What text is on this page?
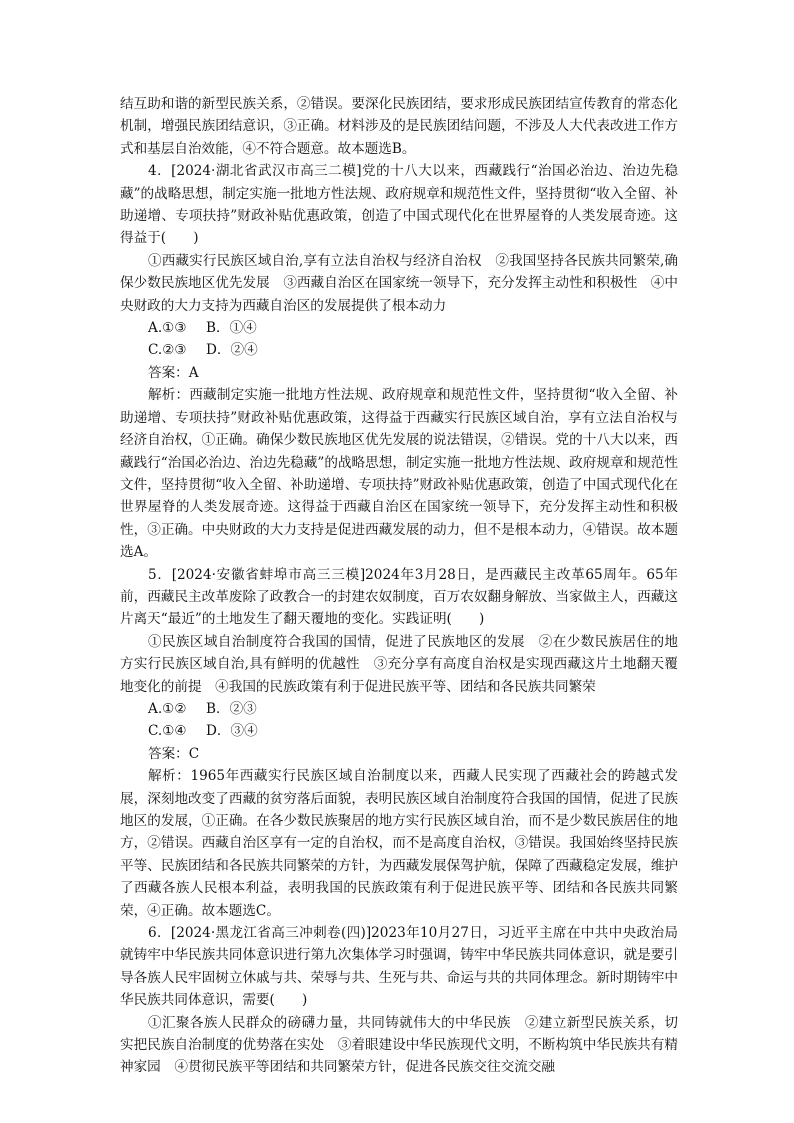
结互助和谐的新型民族关系，②错误。要深化民族团结，要求形成民族团结宣传教育的常态化机制，增强民族团结意识，③正确。材料涉及的是民族团结问题，不涉及人大代表改进工作方式和基层自治效能，④不符合题意。故本题选B。

4．[2024·湖北省武汉市高三二模]党的十八大以来，西藏践行“治国必治边、治边先稳藏”的战略思想，制定实施一批地方性法规、政府规章和规范性文件，坚持贯彻“收入全留、补助递增、专项扶持”财政补贴优惠政策，创造了中国式现代化在世界屋脊的人类发展奇迹。这得益于(　　)

①西藏实行民族区域自治,享有立法自治权与经济自治权　②我国坚持各民族共同繁荣,确保少数民族地区优先发展　③西藏自治区在国家统一领导下，充分发挥主动性和积极性　④中央财政的大力支持为西藏自治区的发展提供了根本动力

A.①③ B．①④
C.②③ D．②④

答案：A

解析：西藏制定实施一批地方性法规、政府规章和规范性文件，坚持贯彻“收入全留、补助递增、专项扶持”财政补贴优惠政策，这得益于西藏实行民族区域自治，享有立法自治权与经济自治权，①正确。确保少数民族地区优先发展的说法错误，②错误。党的十八大以来，西藏践行“治国必治边、治边先稳藏”的战略思想，制定实施一批地方性法规、政府规章和规范性文件，坚持贯彻“收入全留、补助递增、专项扶持”财政补贴优惠政策，创造了中国式现代化在世界屋脊的人类发展奇迹。这得益于西藏自治区在国家统一领导下，充分发挥主动性和积极性，③正确。中央财政的大力支持是促进西藏发展的动力，但不是根本动力，④错误。故本题选A。

5．[2024·安徽省蚌埠市高三三模]2024年3月28日，是西藏民主改革65周年。65年前，西藏民主改革废除了政教合一的封建农奴制度，百万农奴翻身解放、当家做主人，西藏这片离天“最近”的土地发生了翻天覆地的变化。实践证明(　　)

①民族区域自治制度符合我国的国情，促进了民族地区的发展　②在少数民族居住的地方实行民族区域自治,具有鲜明的优越性　③充分享有高度自治权是实现西藏这片土地翻天覆地变化的前提　④我国的民族政策有利于促进民族平等、团结和各民族共同繁荣

A.①② B．②③
C.①④ D．③④

答案：C

解析：1965年西藏实行民族区域自治制度以来，西藏人民实现了西藏社会的跨越式发展，深刻地改变了西藏的贫穷落后面貌，表明民族区域自治制度符合我国的国情，促进了民族地区的发展，①正确。在各少数民族聚居的地方实行民族区域自治，而不是少数民族居住的地方，②错误。西藏自治区享有一定的自治权，而不是高度自治权，③错误。我国始终坚持民族平等、民族团结和各民族共同繁荣的方针，为西藏发展保驾护航，保障了西藏稳定发展，维护了西藏各族人民根本利益，表明我国的民族政策有利于促进民族平等、团结和各民族共同繁荣，④正确。故本题选C。

6．[2024·黑龙江省高三冲刺卷(四)]2023年10月27日，习近平主席在中共中央政治局就铸牢中华民族共同体意识进行第九次集体学习时强调，铸牢中华民族共同体意识，就是要引导各族人民牢固树立休戚与共、荣辱与共、生死与共、命运与共的共同体理念。新时期铸牢中华民族共同体意识，需要(　　)

①汇聚各族人民群众的磅礴力量，共同铸就伟大的中华民族　②建立新型民族关系，切实把民族自治制度的优势落在实处　③着眼建设中华民族现代文明，不断构筑中华民族共有精神家园　④贯彻民族平等团结和共同繁荣方针，促进各民族交往交流交融
